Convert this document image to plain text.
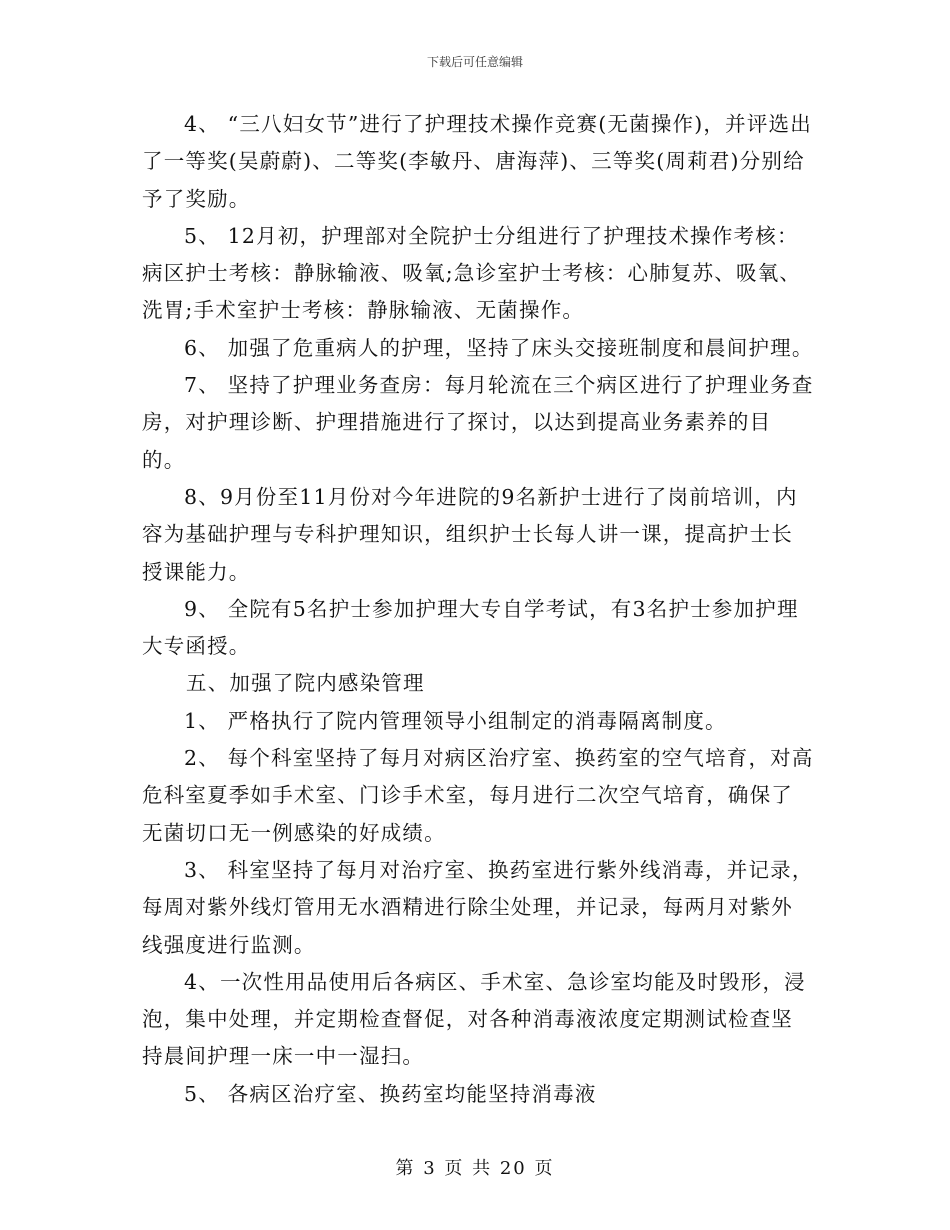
下载后可任意编辑

4、 “三八妇女节”进行了护理技术操作竞赛(无菌操作)，并评选出了一等奖(吴蔚蔚)、二等奖(李敏丹、唐海萍)、三等奖(周莉君)分别给予了奖励。

5、 12月初，护理部对全院护士分组进行了护理技术操作考核：病区护士考核：静脉输液、吸氧;急诊室护士考核：心肺复苏、吸氧、洗胃;手术室护士考核：静脉输液、无菌操作。

6、 加强了危重病人的护理，坚持了床头交接班制度和晨间护理。

7、 坚持了护理业务查房：每月轮流在三个病区进行了护理业务查房，对护理诊断、护理措施进行了探讨，以达到提高业务素养的目的。

8、9月份至11月份对今年进院的9名新护士进行了岗前培训，内容为基础护理与专科护理知识，组织护士长每人讲一课，提高护士长授课能力。

9、 全院有5名护士参加护理大专自学考试，有3名护士参加护理大专函授。

五、加强了院内感染管理

1、 严格执行了院内管理领导小组制定的消毒隔离制度。

2、 每个科室坚持了每月对病区治疗室、换药室的空气培育，对高危科室夏季如手术室、门诊手术室，每月进行二次空气培育，确保了无菌切口无一例感染的好成绩。

3、 科室坚持了每月对治疗室、换药室进行紫外线消毒，并记录，每周对紫外线灯管用无水酒精进行除尘处理，并记录，每两月对紫外线强度进行监测。

4、一次性用品使用后各病区、手术室、急诊室均能及时毁形，浸泡，集中处理，并定期检查督促，对各种消毒液浓度定期测试检查坚持晨间护理一床一中一湿扫。

5、 各病区治疗室、换药室均能坚持消毒液

第 3 页 共 20 页
